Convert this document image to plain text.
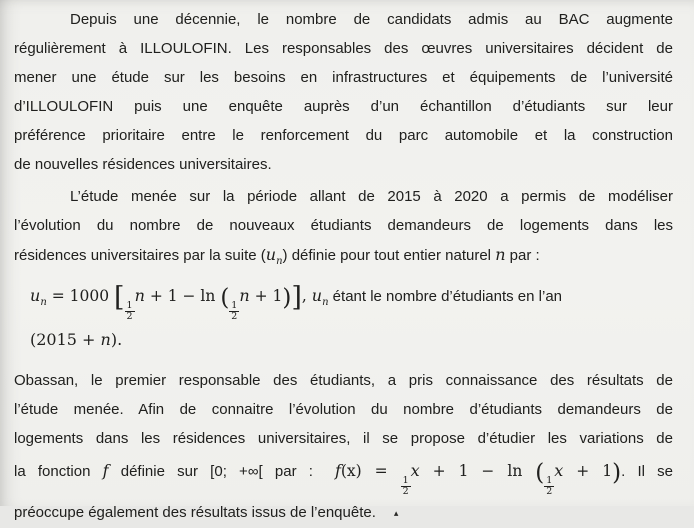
Depuis une décennie, le nombre de candidats admis au BAC augmente
régulièrement à ILLOULOFIN. Les responsables des œuvres universitaires décident de
mener une étude sur les besoins en infrastructures et équipements de l’université
d’ILLOULOFIN puis une enquête auprès d’un échantillon d’étudiants sur leur
préférence prioritaire entre le renforcement du parc automobile et la construction
de nouvelles résidences universitaires.
L’étude menée sur la période allant de 2015 à 2020 a permis de modéliser
l’évolution du nombre de nouveaux étudiants demandeurs de logements dans les
résidences universitaires par la suite $(u_n)$ définie pour tout entier naturel n par :
$u_n = 1000$ [ $\frac{1}{2}$
n + 1 − ln (
$\frac{1}{2}$
n + 1)], $u_n$ étant le nombre d’étudiants en l’an
(2015 + n).
Obassan, le premier responsable des étudiants, a pris connaissance des résultats de
l’étude menée. Afin de connaitre l’évolution du nombre d’étudiants demandeurs de
logements dans les résidences universitaires, il se propose d’étudier les variations de
la fonction f définie sur [0; +∞[ par : f(x) =
$\frac{1}{2}$
x + 1 − ln (
$\frac{1}{2}$
x + 1). Il se
préoccupe également des résultats issus de l’enquête. ▴
